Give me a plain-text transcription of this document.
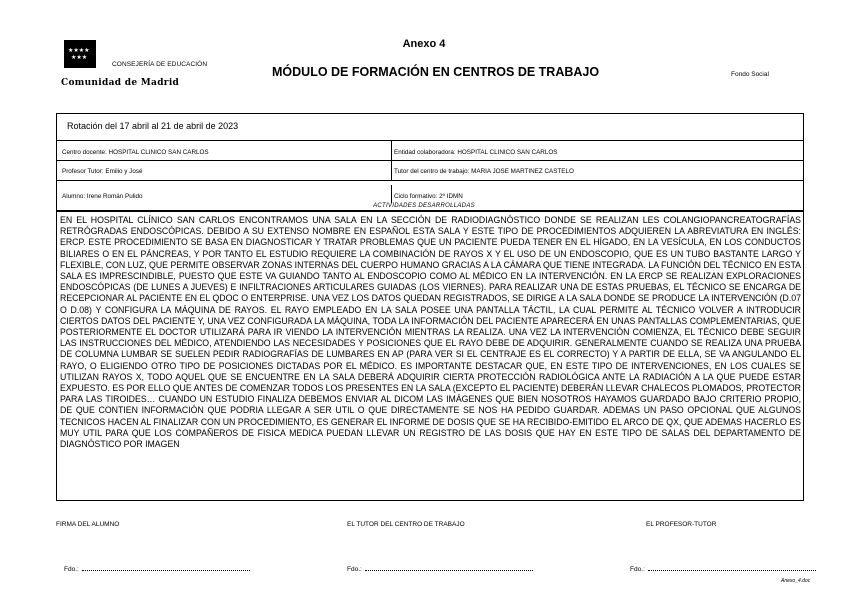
★★★★
★★★
CONSEJERÍA DE EDUCACIÓN
Comunidad de Madrid
Anexo 4
MÓDULO DE FORMACIÓN EN CENTROS DE TRABAJO	Fondo Social
Rotación del 17 abril al 21 de abril de 2023
Centro docente: HOSPITAL CLINICO SAN CARLOS	Entidad colaboradora: HOSPITAL CLINICO SAN CARLOS
Profesor Tutor: Emilio y José	Tutor del centro de trabajo: MARIA JOSE MARTINEZ CASTELO
Alumno: Irene Román Pulido	Ciclo formativo: 2º IDMN
ACTIVIDADES DESARROLLADAS
EN EL HOSPITAL CLÍNICO SAN CARLOS ENCONTRAMOS UNA SALA EN LA SECCIÓN DE RADIODIAGNÓSTICO DONDE SE REALIZAN LES COLANGIOPANCREATOGRAFÍAS RETRÓGRADAS ENDOSCÓPICAS. DEBIDO A SU EXTENSO NOMBRE EN ESPAÑOL ESTA SALA Y ESTE TIPO DE PROCEDIMIENTOS ADQUIEREN LA ABREVIATURA EN INGLÉS: ERCP. ESTE PROCEDIMIENTO SE BASA EN DIAGNOSTICAR Y TRATAR PROBLEMAS QUE UN PACIENTE PUEDA TENER EN EL HÍGADO, EN LA VESÍCULA, EN LOS CONDUCTOS BILIARES O EN EL PÁNCREAS, Y POR TANTO EL ESTUDIO REQUIERE LA COMBINACIÓN DE RAYOS X Y EL USO DE UN ENDOSCOPIO, QUE ES UN TUBO BASTANTE LARGO Y FLEXIBLE, CON LUZ, QUE PERMITE OBSERVAR ZONAS INTERNAS DEL CUERPO HUMANO GRACIAS A LA CÁMARA QUE TIENE INTEGRADA. LA FUNCIÓN DEL TÉCNICO EN ESTA SALA ES IMPRESCINDIBLE, PUESTO QUE ESTE VA GUIANDO TANTO AL ENDOSCOPIO COMO AL MÉDICO EN LA INTERVENCIÓN. EN LA ERCP SE REALIZAN EXPLORACIONES ENDOSCÓPICAS (DE LUNES A JUEVES) E INFILTRACIONES ARTICULARES GUIADAS (LOS VIERNES). PARA REALIZAR UNA DE ESTAS PRUEBAS, EL TÉCNICO SE ENCARGA DE RECEPCIONAR AL PACIENTE EN EL QDOC O ENTERPRISE. UNA VEZ LOS DATOS QUEDAN REGISTRADOS, SE DIRIGE A LA SALA DONDE SE PRODUCE LA INTERVENCIÓN (D.07 O D.08) Y CONFIGURA LA MÁQUINA DE RAYOS. EL RAYO EMPLEADO EN LA SALA POSEE UNA PANTALLA TÁCTIL, LA CUAL PERMITE AL TÉCNICO VOLVER A INTRODUCIR CIERTOS DATOS DEL PACIENTE Y, UNA VEZ CONFIGURADA LA MÁQUINA, TODA LA INFORMACIÓN DEL PACIENTE APARECERÁ EN UNAS PANTALLAS COMPLEMENTARIAS, QUE POSTERIORMENTE EL DOCTOR UTILIZARÁ PARA IR VIENDO LA INTERVENCIÓN MIENTRAS LA REALIZA. UNA VEZ LA INTERVENCIÓN COMIENZA, EL TÉCNICO DEBE SEGUIR LAS INSTRUCCIONES DEL MÉDICO, ATENDIENDO LAS NECESIDADES Y POSICIONES QUE EL RAYO DEBE DE ADQUIRIR. GENERALMENTE CUANDO SE REALIZA UNA PRUEBA DE COLUMNA LUMBAR SE SUELEN PEDIR RADIOGRAFÍAS DE LUMBARES EN AP (PARA VER SI EL CENTRAJE ES EL CORRECTO) Y A PARTIR DE ELLA, SE VA ANGULANDO EL RAYO, O ELIGIENDO OTRO TIPO DE POSICIONES DICTADAS POR EL MÉDICO. ES IMPORTANTE DESTACAR QUE, EN ESTE TIPO DE INTERVENCIONES, EN LOS CUALES SE UTILIZAN RAYOS X, TODO AQUEL QUE SE ENCUENTRE EN LA SALA DEBERÁ ADQUIRIR CIERTA PROTECCIÓN RADIOLÓGICA ANTE LA RADIACIÓN A LA QUE PUEDE ESTAR EXPUESTO. ES POR ELLO QUE ANTES DE COMENZAR TODOS LOS PRESENTES EN LA SALA (EXCEPTO EL PACIENTE) DEBERÁN LLEVAR CHALECOS PLOMADOS, PROTECTOR PARA LAS TIROIDES… CUANDO UN ESTUDIO FINALIZA DEBEMOS ENVIAR AL DICOM LAS IMÁGENES QUE BIEN NOSOTROS HAYAMOS GUARDADO BAJO CRITERIO PROPIO, DE QUE CONTIEN INFORMACIÓN QUE PODRIA LLEGAR A SER UTIL O QUE DIRECTAMENTE SE NOS HA PEDIDO GUARDAR. ADEMAS UN PASO OPCIONAL QUE ALGUNOS TECNICOS HACEN AL FINALIZAR CON UN PROCEDIMIENTO, ES GENERAR EL INFORME DE DOSIS QUE SE HA RECIBIDO-EMITIDO EL ARCO DE QX, QUE ADEMAS HACERLO ES MUY UTIL PARA QUE LOS COMPAÑEROS DE FISICA MEDICA PUEDAN LLEVAR UN REGISTRO DE LAS DOSIS QUE HAY EN ESTE TIPO DE SALAS DEL DEPARTAMENTO DE DIAGNÓSTICO POR IMAGEN
FIRMA DEL ALUMNO	EL TUTOR DEL CENTRO DE TRABAJO	EL PROFESOR-TUTOR
Fdo.:	Fdo.:	Fdo.:
Anexo_4.doc
